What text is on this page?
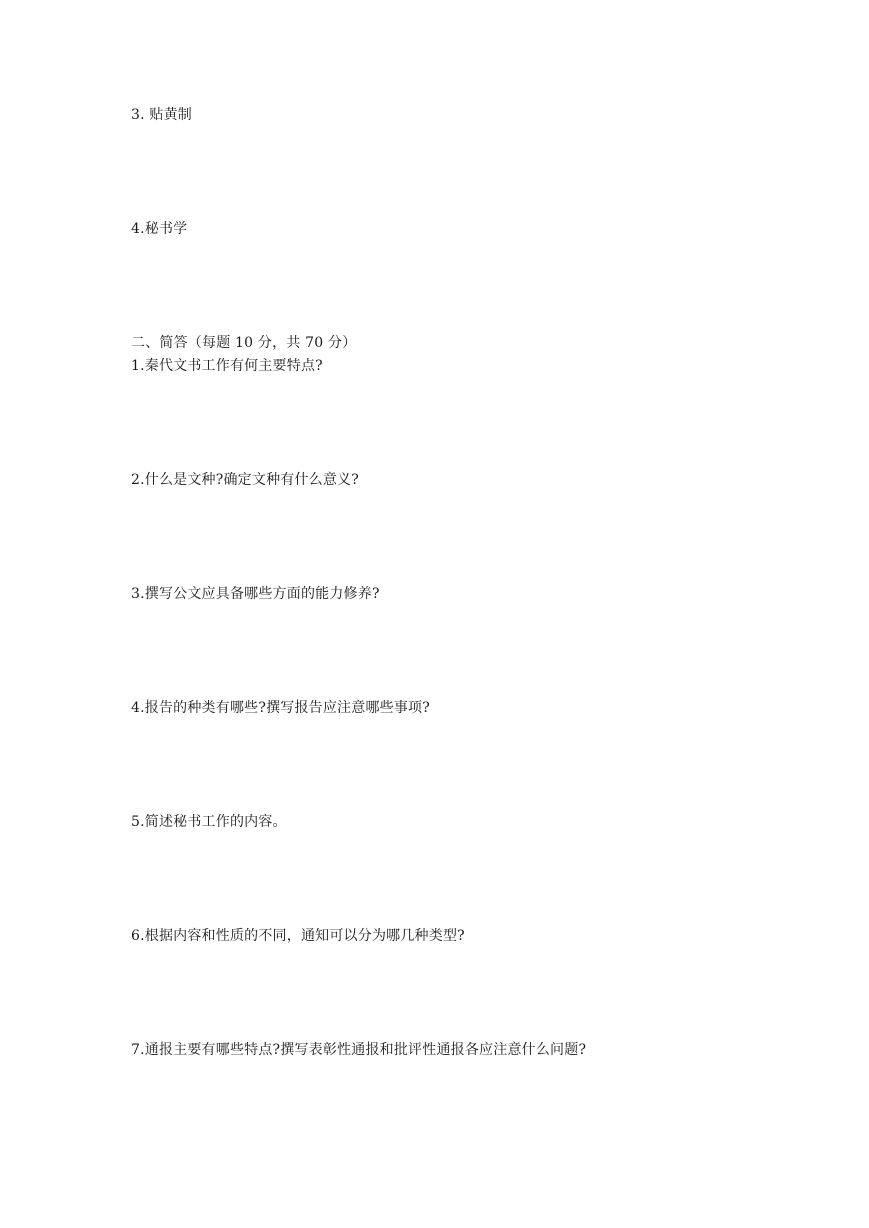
3. 贴黄制
4.秘书学
二、简答（每题 10 分，共 70 分）
1.秦代文书工作有何主要特点?
2.什么是文种?确定文种有什么意义?
3.撰写公文应具备哪些方面的能力修养?
4.报告的种类有哪些?撰写报告应注意哪些事项?
5.简述秘书工作的内容。
6.根据内容和性质的不同，通知可以分为哪几种类型?
7.通报主要有哪些特点?撰写表彰性通报和批评性通报各应注意什么问题?
